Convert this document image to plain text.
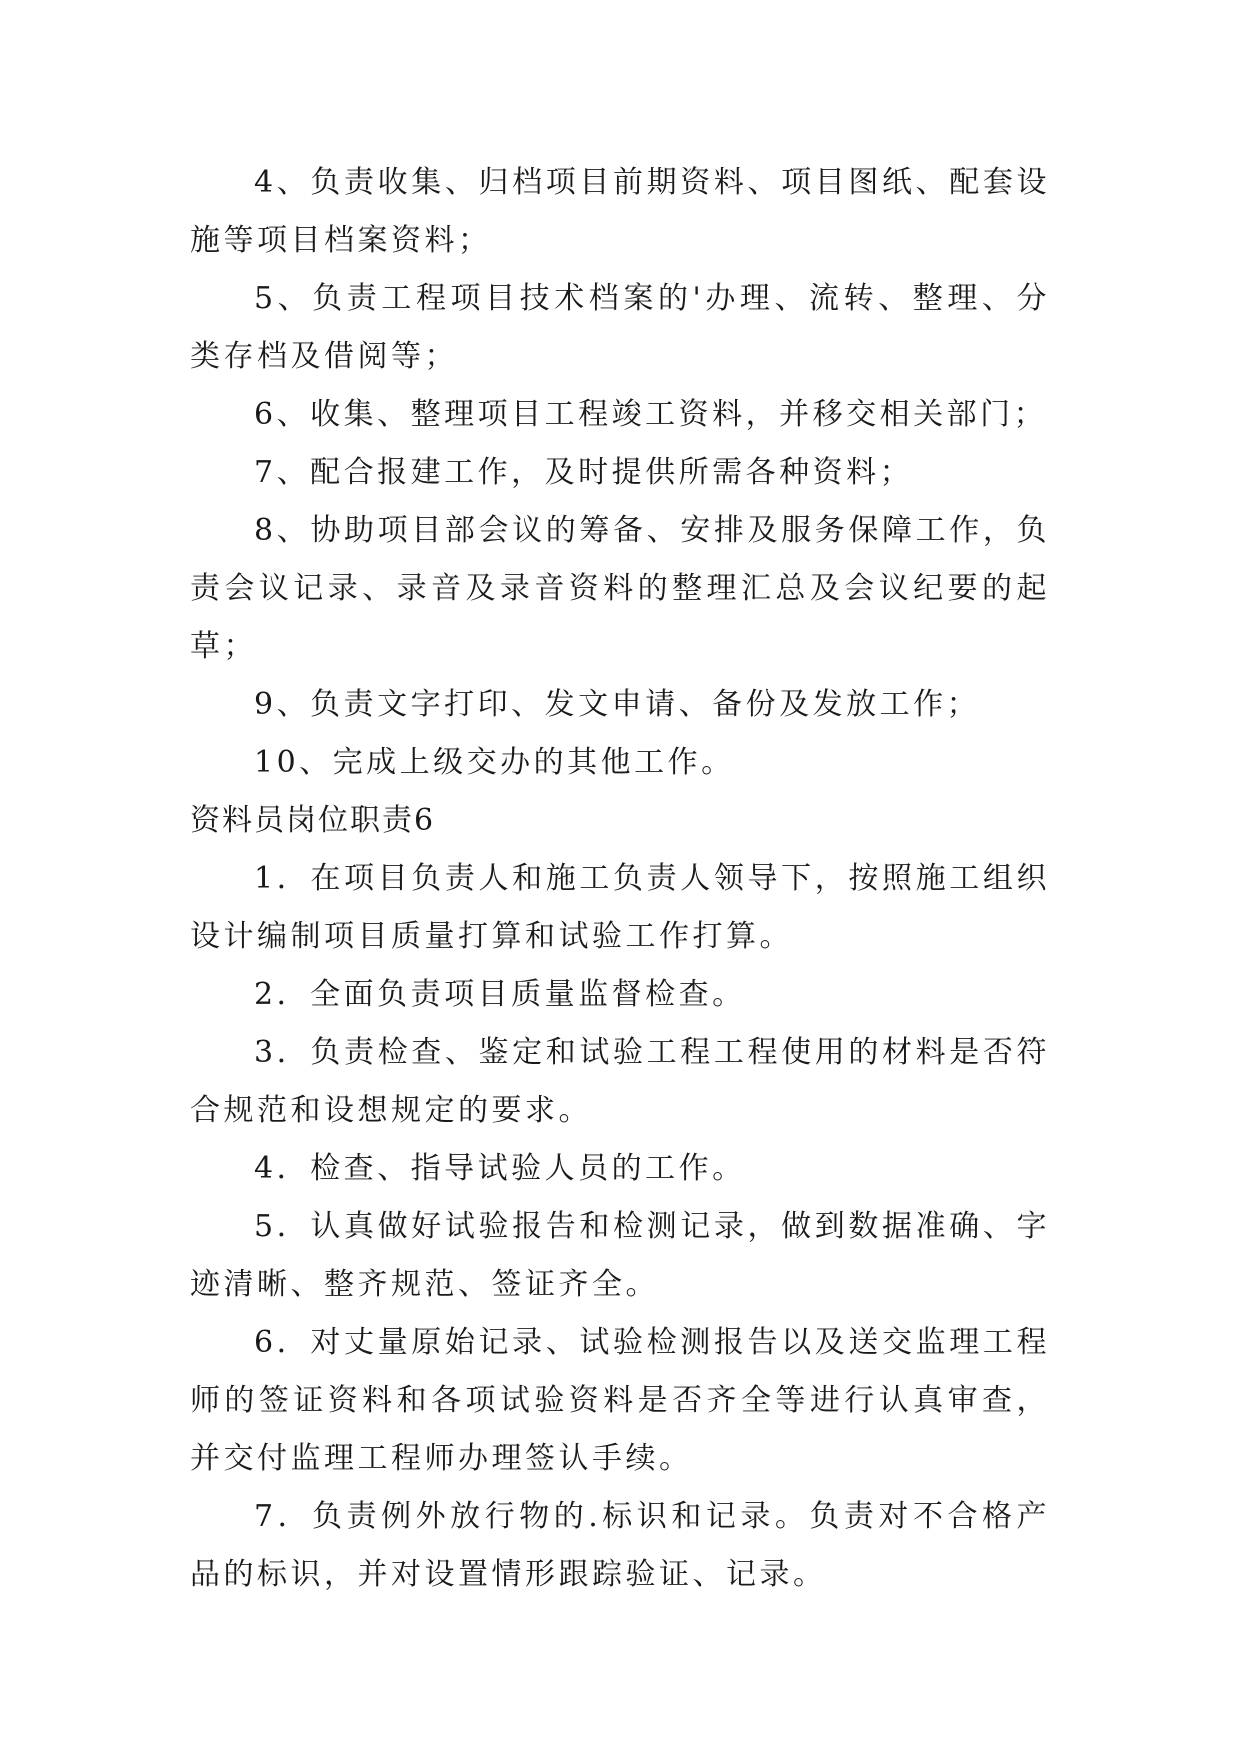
4、负责收集、归档项目前期资料、项目图纸、配套设施等项目档案资料；

5、负责工程项目技术档案的'办理、流转、整理、分类存档及借阅等；

6、收集、整理项目工程竣工资料，并移交相关部门；

7、配合报建工作，及时提供所需各种资料；

8、协助项目部会议的筹备、安排及服务保障工作，负责会议记录、录音及录音资料的整理汇总及会议纪要的起草；

9、负责文字打印、发文申请、备份及发放工作；

10、完成上级交办的其他工作。

资料员岗位职责6

1．在项目负责人和施工负责人领导下，按照施工组织设计编制项目质量打算和试验工作打算。

2．全面负责项目质量监督检查。

3．负责检查、鉴定和试验工程工程使用的材料是否符合规范和设想规定的要求。

4．检查、指导试验人员的工作。

5．认真做好试验报告和检测记录，做到数据准确、字迹清晰、整齐规范、签证齐全。

6．对丈量原始记录、试验检测报告以及送交监理工程师的签证资料和各项试验资料是否齐全等进行认真审查，并交付监理工程师办理签认手续。

7．负责例外放行物的.标识和记录。负责对不合格产品的标识，并对设置情形跟踪验证、记录。
